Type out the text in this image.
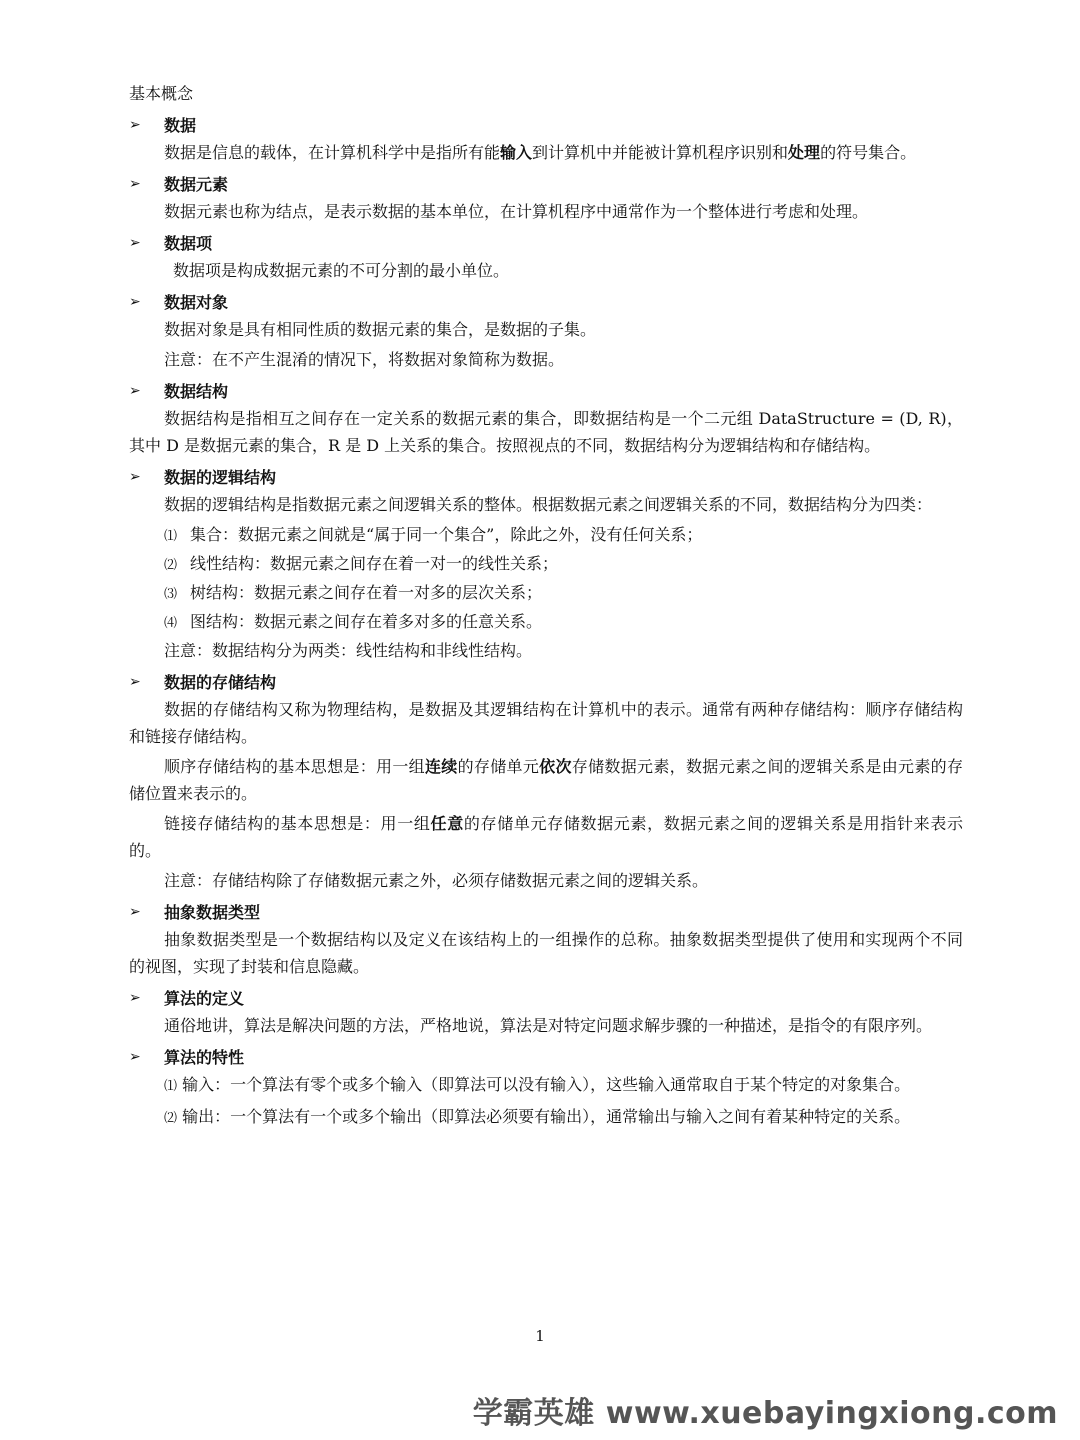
基本概念
➢	数据

数据是信息的载体，在计算机科学中是指所有能输入到计算机中并能被计算机程序识别和处理的符号集合。

➢	数据元素

数据元素也称为结点，是表示数据的基本单位，在计算机程序中通常作为一个整体进行考虑和处理。

➢	数据项

数据项是构成数据元素的不可分割的最小单位。

➢	数据对象

数据对象是具有相同性质的数据元素的集合，是数据的子集。

注意：在不产生混淆的情况下，将数据对象简称为数据。
➢	数据结构

数据结构是指相互之间存在一定关系的数据元素的集合，即数据结构是一个二元组 DataStructure = (D, R)，其中 D 是数据元素的集合，R 是 D 上关系的集合。按照视点的不同，数据结构分为逻辑结构和存储结构。

➢	数据的逻辑结构

数据的逻辑结构是指数据元素之间逻辑关系的整体。根据数据元素之间逻辑关系的不同，数据结构分为四类：

⑴ 集合：数据元素之间就是“属于同一个集合”，除此之外，没有任何关系；
⑵ 线性结构：数据元素之间存在着一对一的线性关系；
⑶ 树结构：数据元素之间存在着一对多的层次关系；
⑷ 图结构：数据元素之间存在着多对多的任意关系。
注意：数据结构分为两类：线性结构和非线性结构。
➢	数据的存储结构

数据的存储结构又称为物理结构，是数据及其逻辑结构在计算机中的表示。通常有两种存储结构：顺序存储结构和链接存储结构。

顺序存储结构的基本思想是：用一组连续的存储单元依次存储数据元素，数据元素之间的逻辑关系是由元素的存储位置来表示的。

链接存储结构的基本思想是：用一组任意的存储单元存储数据元素，数据元素之间的逻辑关系是用指针来表示的。

注意：存储结构除了存储数据元素之外，必须存储数据元素之间的逻辑关系。
➢	抽象数据类型

抽象数据类型是一个数据结构以及定义在该结构上的一组操作的总称。抽象数据类型提供了使用和实现两个不同的视图，实现了封装和信息隐藏。

➢	算法的定义

通俗地讲，算法是解决问题的方法，严格地说，算法是对特定问题求解步骤的一种描述，是指令的有限序列。

➢	算法的特性

⑴ 输入：一个算法有零个或多个输入（即算法可以没有输入），这些输入通常取自于某个特定的对象集合。

⑵ 输出：一个算法有一个或多个输出（即算法必须要有输出），通常输出与输入之间有着某种特定的关系。

1
学霸英雄 www.xuebayingxiong.com
